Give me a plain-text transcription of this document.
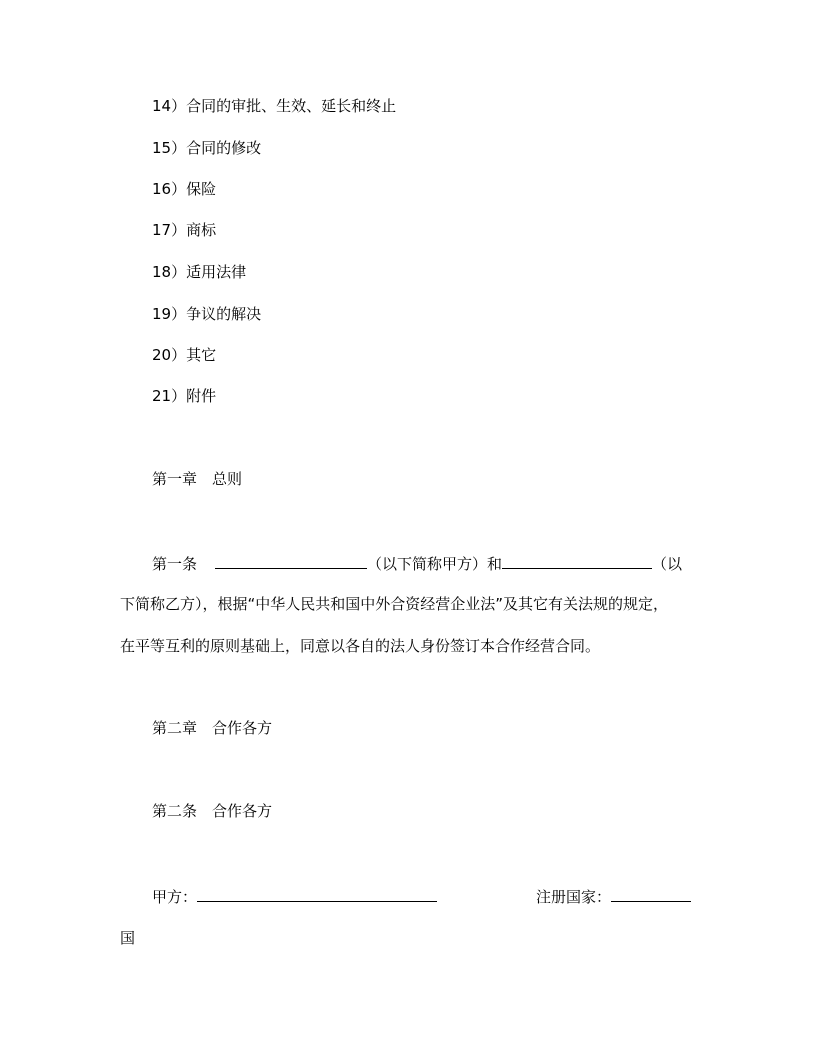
14）合同的审批、生效、延长和终止
15）合同的修改
16）保险
17）商标
18）适用法律
19）争议的解决
20）其它
21）附件
第一章　总则
第一条	（以下简称甲方）和	（以
下简称乙方），根据“中华人民共和国中外合资经营企业法”及其它有关法规的规定，
在平等互利的原则基础上，同意以各自的法人身份签订本合作经营合同。
第二章　合作各方
第二条　合作各方
甲方：	注册国家：
国
